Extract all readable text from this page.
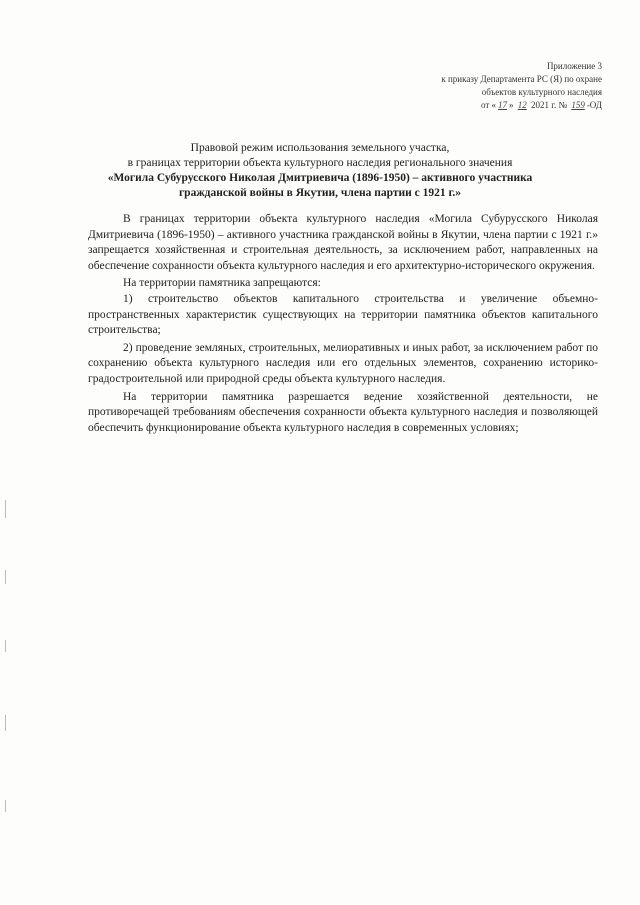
Приложение 3
к приказу Департамента РС (Я) по охране
объектов культурного наследия
от « 17 » 12 2021 г. № 159 -ОД
Правовой режим использования земельного участка,
в границах территории объекта культурного наследия регионального значения
«Могила Субурусского Николая Дмитриевича (1896-1950) – активного участника
гражданской войны в Якутии, члена партии с 1921 г.»

В границах территории объекта культурного наследия «Могила Субурусского Николая Дмитриевича (1896-1950) – активного участника гражданской войны в Якутии, члена партии с 1921 г.» запрещается хозяйственная и строительная деятельность, за исключением работ, направленных на обеспечение сохранности объекта культурного наследия и его архитектурно-исторического окружения.

На территории памятника запрещаются:

1) строительство объектов капитального строительства и увеличение объемно-пространственных характеристик существующих на территории памятника объектов капитального строительства;

2) проведение земляных, строительных, мелиоративных и иных работ, за исключением работ по сохранению объекта культурного наследия или его отдельных элементов, сохранению историко-градостроительной или природной среды объекта культурного наследия.

На территории памятника разрешается ведение хозяйственной деятельности, не противоречащей требованиям обеспечения сохранности объекта культурного наследия и позволяющей обеспечить функционирование объекта культурного наследия в современных условиях;
